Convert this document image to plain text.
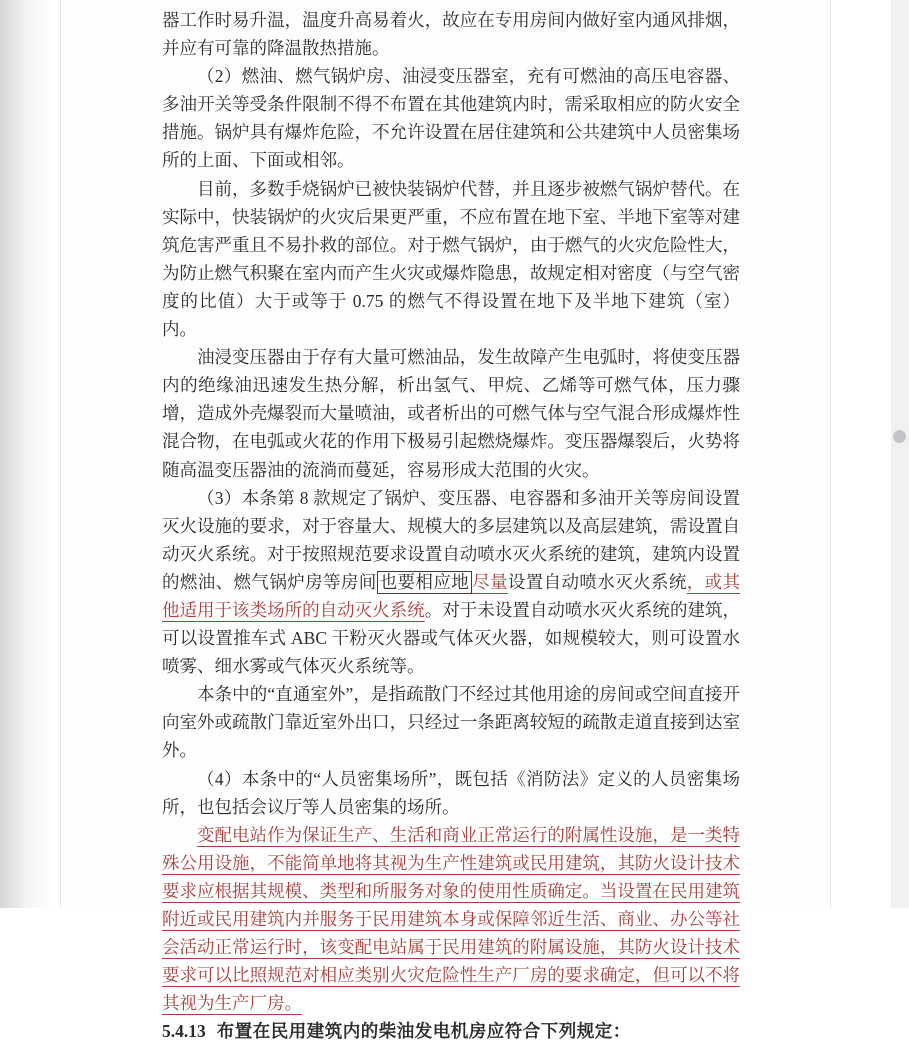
器工作时易升温，温度升高易着火，故应在专用房间内做好室内通风排烟，并应有可靠的降温散热措施。

（2）燃油、燃气锅炉房、油浸变压器室，充有可燃油的高压电容器、多油开关等受条件限制不得不布置在其他建筑内时，需采取相应的防火安全措施。锅炉具有爆炸危险，不允许设置在居住建筑和公共建筑中人员密集场所的上面、下面或相邻。

目前，多数手烧锅炉已被快装锅炉代替，并且逐步被燃气锅炉替代。在实际中，快装锅炉的火灾后果更严重，不应布置在地下室、半地下室等对建筑危害严重且不易扑救的部位。对于燃气锅炉，由于燃气的火灾危险性大，为防止燃气积聚在室内而产生火灾或爆炸隐患，故规定相对密度（与空气密度的比值）大于或等于 0.75 的燃气不得设置在地下及半地下建筑（室）内。

油浸变压器由于存有大量可燃油品，发生故障产生电弧时，将使变压器内的绝缘油迅速发生热分解，析出氢气、甲烷、乙烯等可燃气体，压力骤增，造成外壳爆裂而大量喷油，或者析出的可燃气体与空气混合形成爆炸性混合物，在电弧或火花的作用下极易引起燃烧爆炸。变压器爆裂后，火势将随高温变压器油的流淌而蔓延，容易形成大范围的火灾。

（3）本条第 8 款规定了锅炉、变压器、电容器和多油开关等房间设置灭火设施的要求，对于容量大、规模大的多层建筑以及高层建筑，需设置自动灭火系统。对于按照规范要求设置自动喷水灭火系统的建筑，建筑内设置的燃油、燃气锅炉房等房间 也要相应地 尽量设置自动喷水灭火系统，或其他适用于该类场所的自动灭火系统。对于未设置自动喷水灭火系统的建筑，可以设置推车式 ABC 干粉灭火器或气体灭火器，如规模较大，则可设置水喷雾、细水雾或气体灭火系统等。

本条中的“直通室外”，是指疏散门不经过其他用途的房间或空间直接开向室外或疏散门靠近室外出口，只经过一条距离较短的疏散走道直接到达室外。

（4）本条中的“人员密集场所”，既包括《消防法》定义的人员密集场所，也包括会议厅等人员密集的场所。

变配电站作为保证生产、生活和商业正常运行的附属性设施，是一类特殊公用设施，不能简单地将其视为生产性建筑或民用建筑，其防火设计技术要求应根据其规模、类型和所服务对象的使用性质确定。当设置在民用建筑附近或民用建筑内并服务于民用建筑本身或保障邻近生活、商业、办公等社会活动正常运行时，该变配电站属于民用建筑的附属设施，其防火设计技术要求可以比照规范对相应类别火灾危险性生产厂房的要求确定，但可以不将其视为生产厂房。

5.4.13 布置在民用建筑内的柴油发电机房应符合下列规定：
